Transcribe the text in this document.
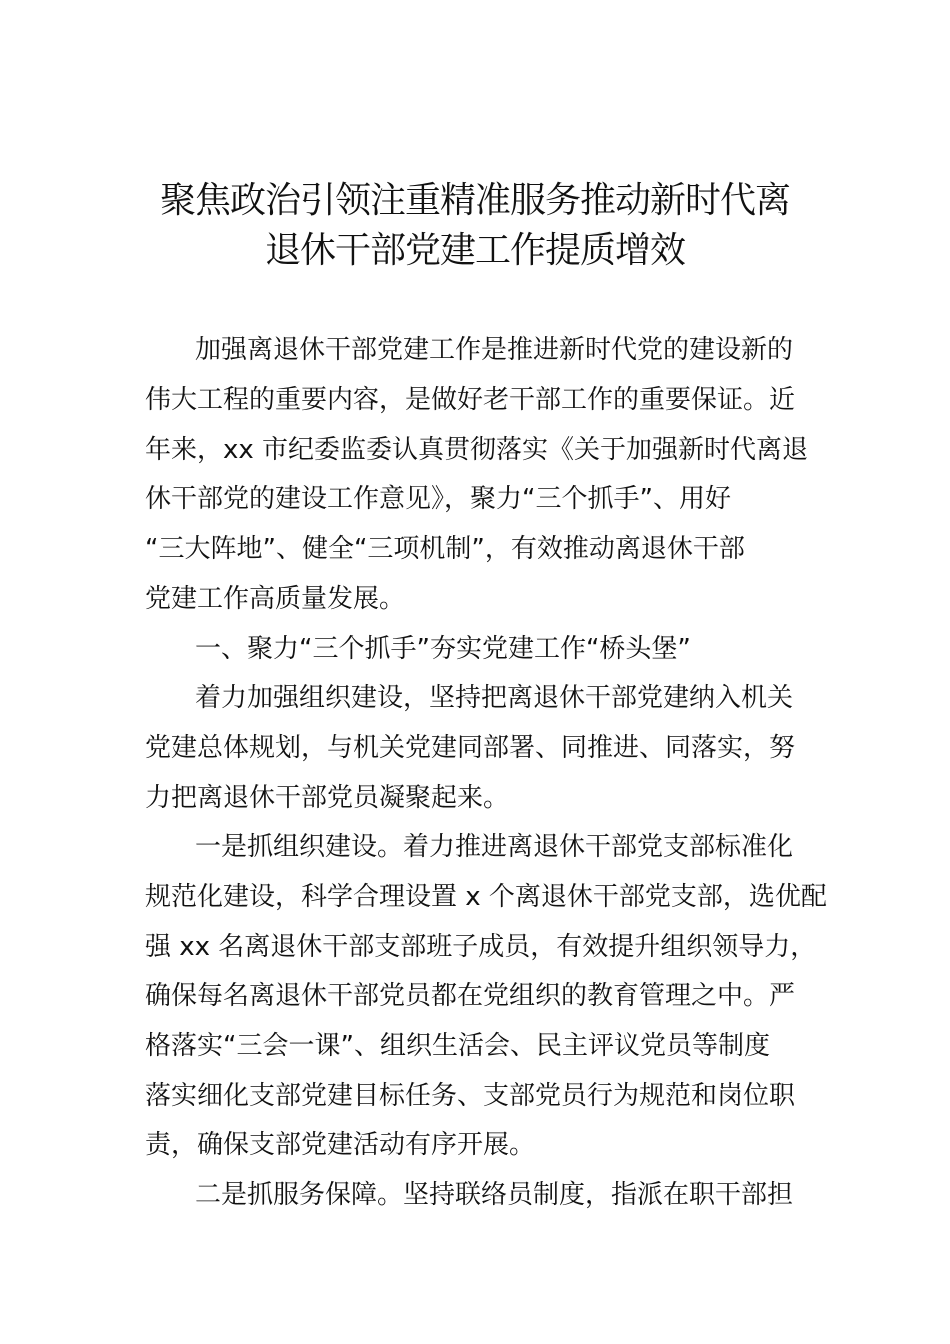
聚焦政治引领注重精准服务推动新时代离
退休干部党建工作提质增效

加强离退休干部党建工作是推进新时代党的建设新的

伟大工程的重要内容，是做好老干部工作的重要保证。近

年来，xx 市纪委监委认真贯彻落实《关于加强新时代离退

休干部党的建设工作意见》，聚力“三个抓手”、用好

“三大阵地”、健全“三项机制”，有效推动离退休干部

党建工作高质量发展。

一、聚力“三个抓手”夯实党建工作“桥头堡”

着力加强组织建设，坚持把离退休干部党建纳入机关

党建总体规划，与机关党建同部署、同推进、同落实，努

力把离退休干部党员凝聚起来。

一是抓组织建设。着力推进离退休干部党支部标准化

规范化建设，科学合理设置 x 个离退休干部党支部，选优配

强 xx 名离退休干部支部班子成员，有效提升组织领导力，

确保每名离退休干部党员都在党组织的教育管理之中。严

格落实“三会一课”、组织生活会、民主评议党员等制度

落实细化支部党建目标任务、支部党员行为规范和岗位职

责，确保支部党建活动有序开展。

二是抓服务保障。坚持联络员制度，指派在职干部担
